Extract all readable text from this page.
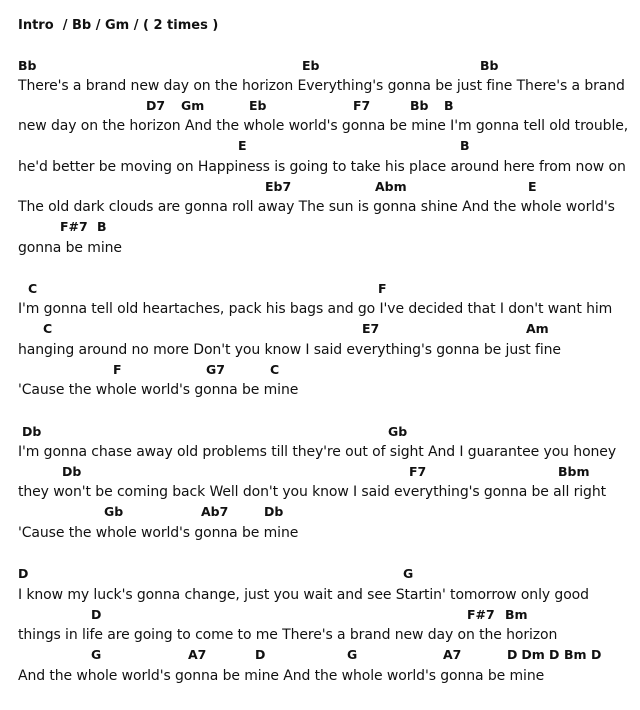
Intro  / Bb / Gm / ( 2 times )
Bb	Eb	Bb
There's a brand new day on the horizon Everything's gonna be just fine There's a brand
D7 Gm	Eb	F7	Bb B
new day on the horizon And the whole world's gonna be mine I'm gonna tell old trouble,
E	B
he'd better be moving on Happiness is going to take his place around here from now on
Eb7	Abm	E
The old dark clouds are gonna roll away The sun is gonna shine And the whole world's
F#7 B
gonna be mine
C	F
I'm gonna tell old heartaches, pack his bags and go I've decided that I don't want him
C	E7	Am
hanging around no more Don't you know I said everything's gonna be just fine
F	G7	C
'Cause the whole world's gonna be mine
Db	Gb
I'm gonna chase away old problems till they're out of sight And I guarantee you honey
Db	F7	Bbm
they won't be coming back Well don't you know I said everything's gonna be all right
Gb	Ab7	Db
'Cause the whole world's gonna be mine
D	G
I know my luck's gonna change, just you wait and see Startin' tomorrow only good
D	F#7 Bm
things in life are going to come to me There's a brand new day on the horizon
G	A7	D	G	A7	D Dm D Bm D
And the whole world's gonna be mine And the whole world's gonna be mine
